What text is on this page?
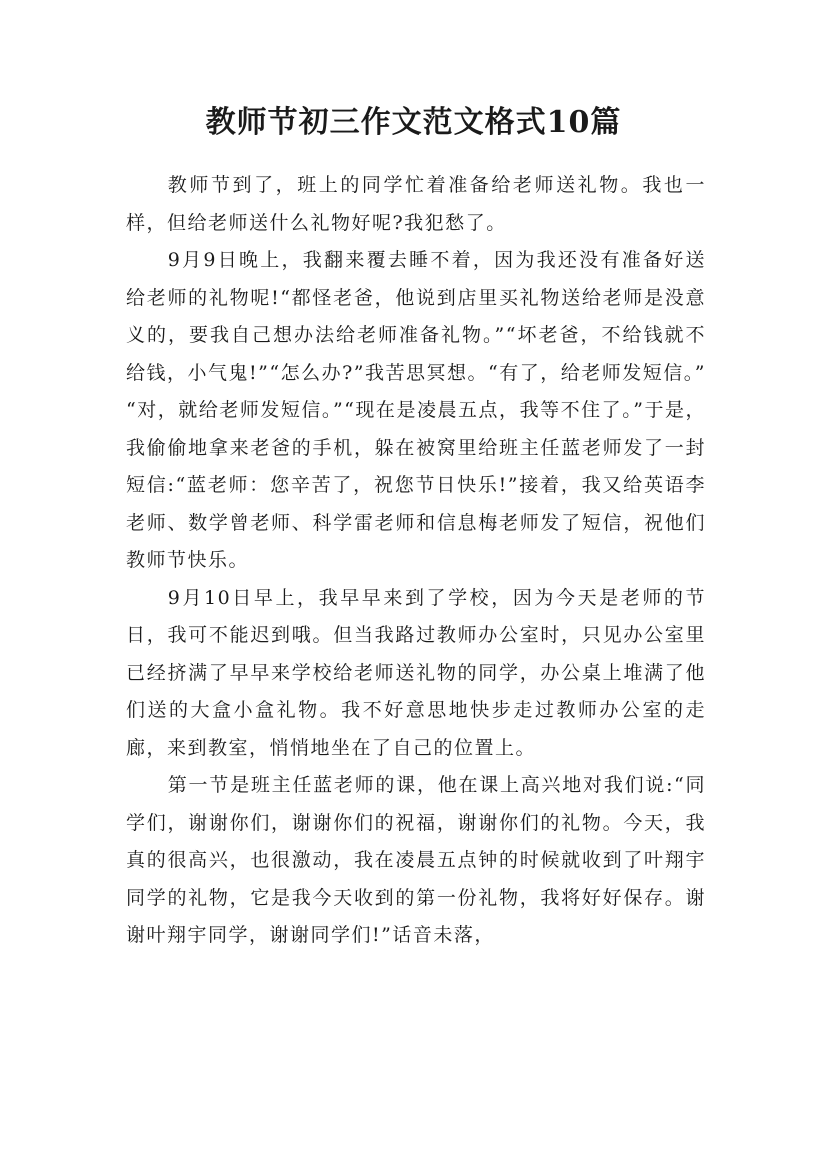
教师节初三作文范文格式10篇

教师节到了，班上的同学忙着准备给老师送礼物。我也一样，但给老师送什么礼物好呢?我犯愁了。

9月9日晚上，我翻来覆去睡不着，因为我还没有准备好送给老师的礼物呢!“都怪老爸，他说到店里买礼物送给老师是没意义的，要我自己想办法给老师准备礼物。”“坏老爸，不给钱就不给钱，小气鬼!”“怎么办?”我苦思冥想。“有了，给老师发短信。” “对，就给老师发短信。”“现在是凌晨五点，我等不住了。”于是，我偷偷地拿来老爸的手机，躲在被窝里给班主任蓝老师发了一封短信:“蓝老师：您辛苦了，祝您节日快乐!”接着，我又给英语李老师、数学曾老师、科学雷老师和信息梅老师发了短信，祝他们教师节快乐。

9月10日早上，我早早来到了学校，因为今天是老师的节日，我可不能迟到哦。但当我路过教师办公室时，只见办公室里已经挤满了早早来学校给老师送礼物的同学，办公桌上堆满了他们送的大盒小盒礼物。我不好意思地快步走过教师办公室的走廊，来到教室，悄悄地坐在了自己的位置上。

第一节是班主任蓝老师的课，他在课上高兴地对我们说:“同学们，谢谢你们，谢谢你们的祝福，谢谢你们的礼物。今天，我真的很高兴，也很激动，我在凌晨五点钟的时候就收到了叶翔宇同学的礼物，它是我今天收到的第一份礼物，我将好好保存。谢谢叶翔宇同学，谢谢同学们!”话音未落，
